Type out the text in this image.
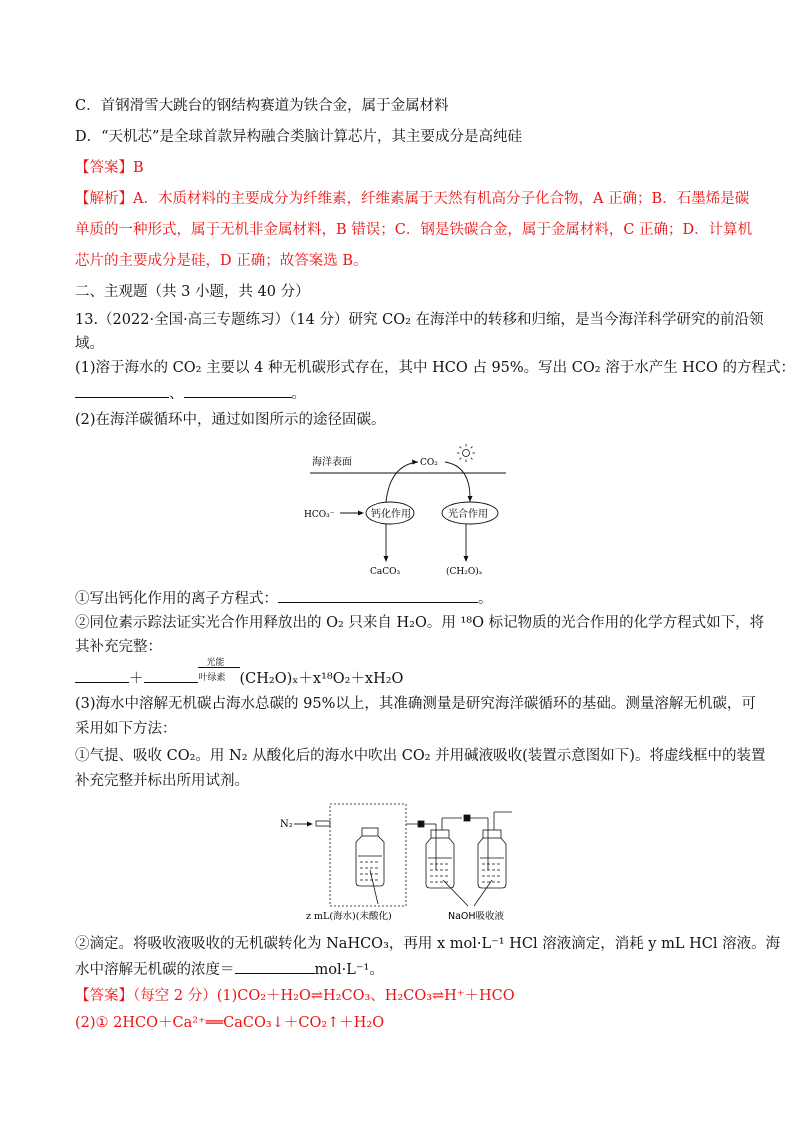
C．首钢滑雪大跳台的钢结构赛道为铁合金，属于金属材料
D．“天机芯”是全球首款异构融合类脑计算芯片，其主要成分是高纯硅
【答案】B
【解析】A．木质材料的主要成分为纤维素，纤维素属于天然有机高分子化合物，A 正确；B．石墨烯是碳
单质的一种形式，属于无机非金属材料，B 错误；C．钢是铁碳合金，属于金属材料，C 正确；D．计算机
芯片的主要成分是硅，D 正确；故答案选 B。
二、主观题（共 3 小题，共 40 分）
13.（2022·全国·高三专题练习）（14 分）研究 CO₂ 在海洋中的转移和归缩，是当今海洋科学研究的前沿领
域。
(1)溶于海水的 CO₂ 主要以 4 种无机碳形式存在，其中 HCO 占 95%。写出 CO₂ 溶于水产生 HCO 的方程式：
、	。
(2)在海洋碳循环中，通过如图所示的途径固碳。
海洋表面	CO₂
HCO₃⁻	钙化作用	光合作用
CaCO₃	(CH₂O)ₓ
①写出钙化作用的离子方程式：	。
②同位素示踪法证实光合作用释放出的 O₂ 只来自 H₂O。用 ¹⁸O 标记物质的光合作用的化学方程式如下，将
其补充完整：
＋
光能
叶绿素 (CH₂O)ₓ＋x¹⁸O₂＋xH₂O
(3)海水中溶解无机碳占海水总碳的 95%以上，其准确测量是研究海洋碳循环的基础。测量溶解无机碳，可
采用如下方法：
①气提、吸收 CO₂。用 N₂ 从酸化后的海水中吹出 CO₂ 并用碱液吸收(装置示意图如下)。将虚线框中的装置
补充完整并标出所用试剂。
N₂
z mL(海水)(未酸化)	NaOH吸收液
②滴定。将吸收液吸收的无机碳转化为 NaHCO₃，再用 x mol·L⁻¹ HCl 溶液滴定，消耗 y mL HCl 溶液。海
水中溶解无机碳的浓度＝	mol·L⁻¹。
【答案】（每空 2 分）(1)CO₂＋H₂O⇌H₂CO₃、H₂CO₃⇌H⁺＋HCO
(2)① 2HCO＋Ca²⁺══CaCO₃↓＋CO₂↑＋H₂O
